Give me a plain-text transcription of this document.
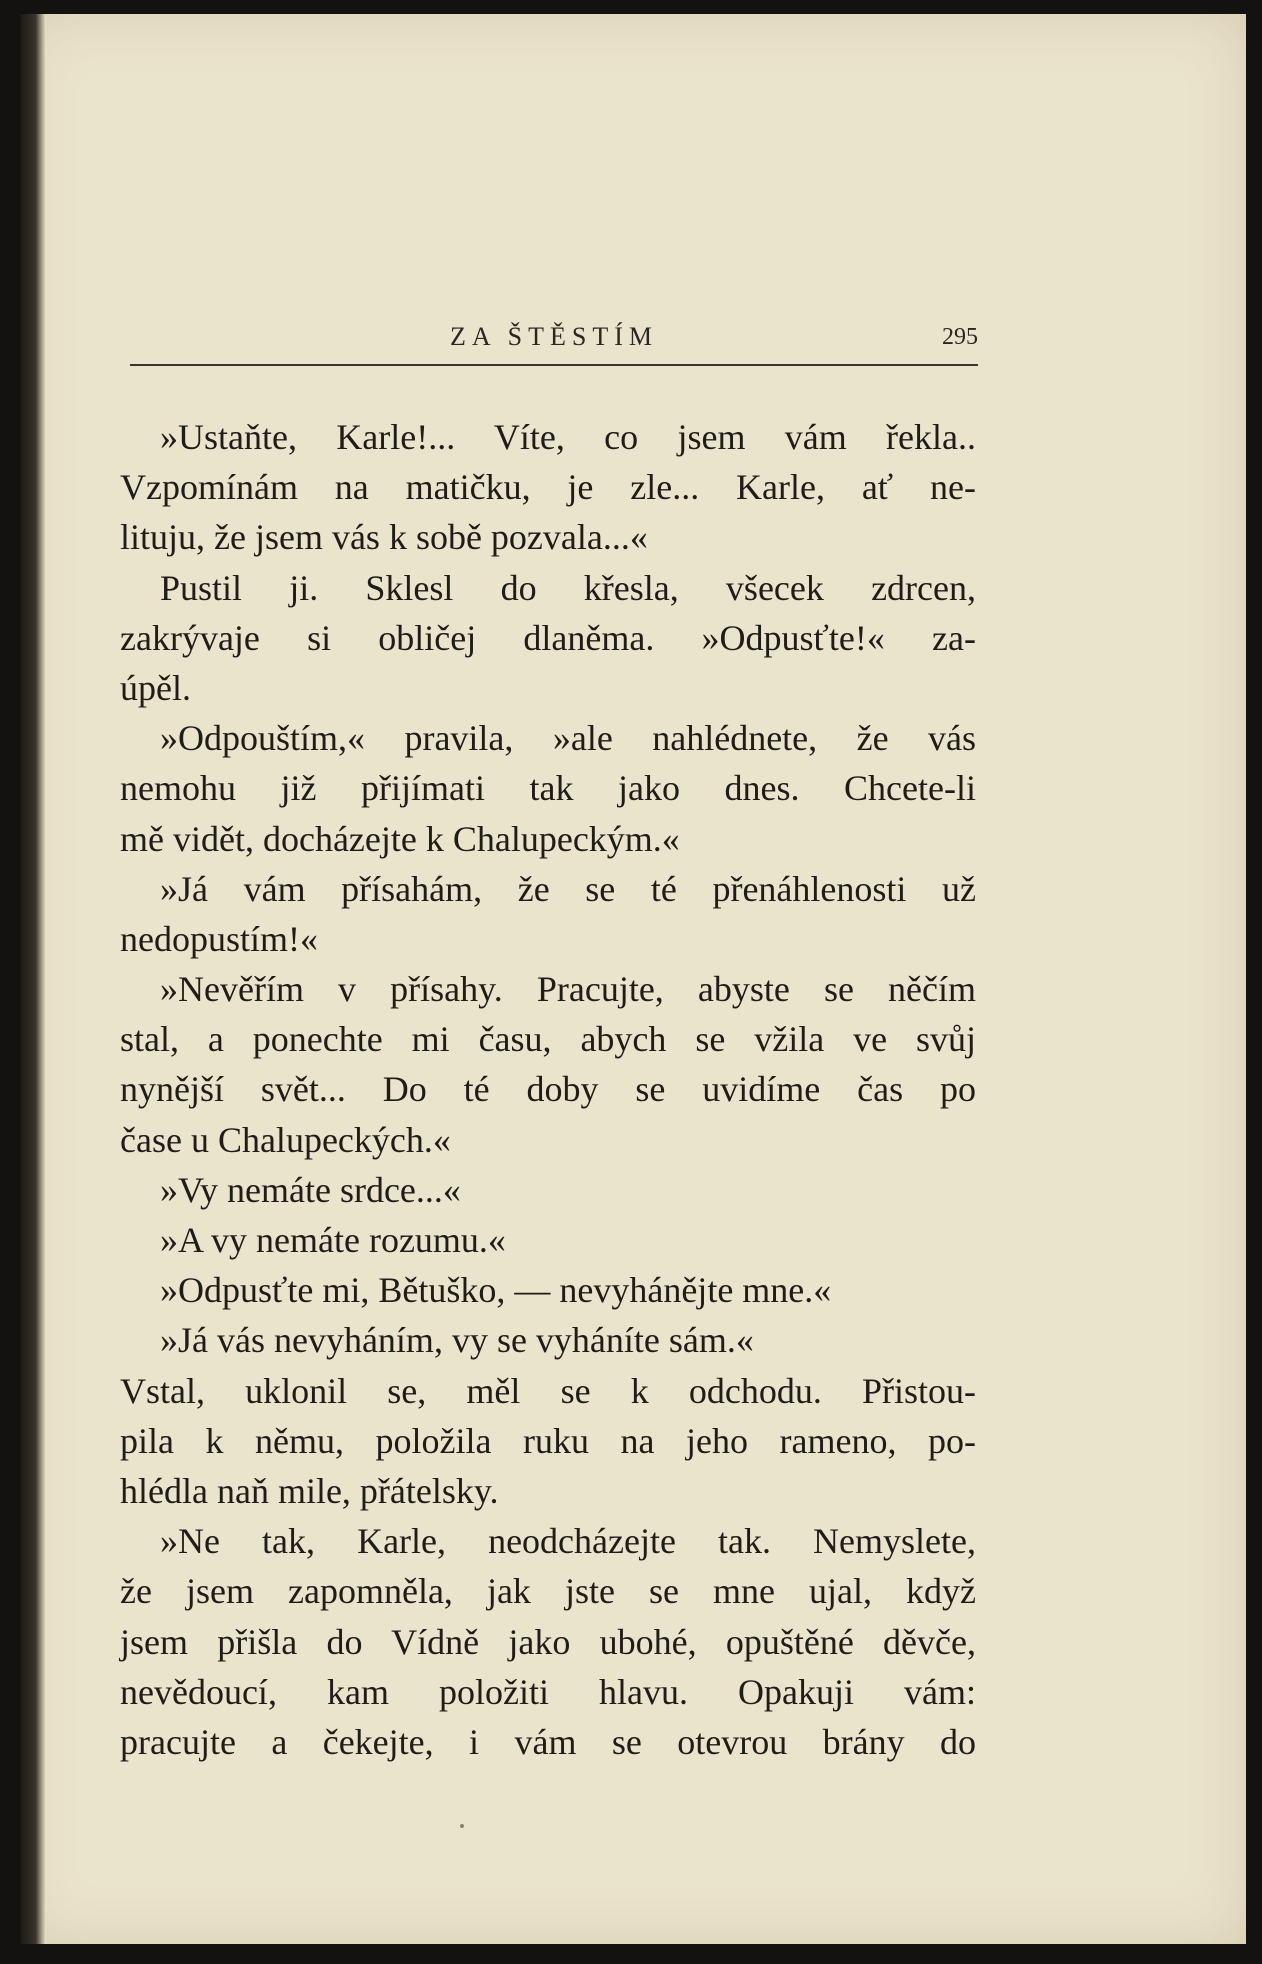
ZA ŠTĚSTÍM	295
»Ustaňte, Karle!... Víte, co jsem vám řekla..
Vzpomínám na matičku, je zle... Karle, ať ne-
lituju, že jsem vás k sobě pozvala...«
Pustil ji. Sklesl do křesla, všecek zdrcen,
zakrývaje si obličej dlaněma. »Odpusťte!« za-
úpěl.
»Odpouštím,« pravila, »ale nahlédnete, že vás
nemohu již přijímati tak jako dnes. Chcete-li
mě vidět, docházejte k Chalupeckým.«
»Já vám přísahám, že se té přenáhlenosti už
nedopustím!«
»Nevěřím v přísahy. Pracujte, abyste se něčím
stal, a ponechte mi času, abych se vžila ve svůj
nynější svět... Do té doby se uvidíme čas po
čase u Chalupeckých.«
»Vy nemáte srdce...«
»A vy nemáte rozumu.«
»Odpusťte mi, Bětuško, — nevyhánějte mne.«
»Já vás nevyháním, vy se vyháníte sám.«
Vstal, uklonil se, měl se k odchodu. Přistou-
pila k němu, položila ruku na jeho rameno, po-
hlédla naň mile, přátelsky.
»Ne tak, Karle, neodcházejte tak. Nemyslete,
že jsem zapomněla, jak jste se mne ujal, když
jsem přišla do Vídně jako ubohé, opuštěné děvče,
nevědoucí, kam položiti hlavu. Opakuji vám:
pracujte a čekejte, i vám se otevrou brány do
